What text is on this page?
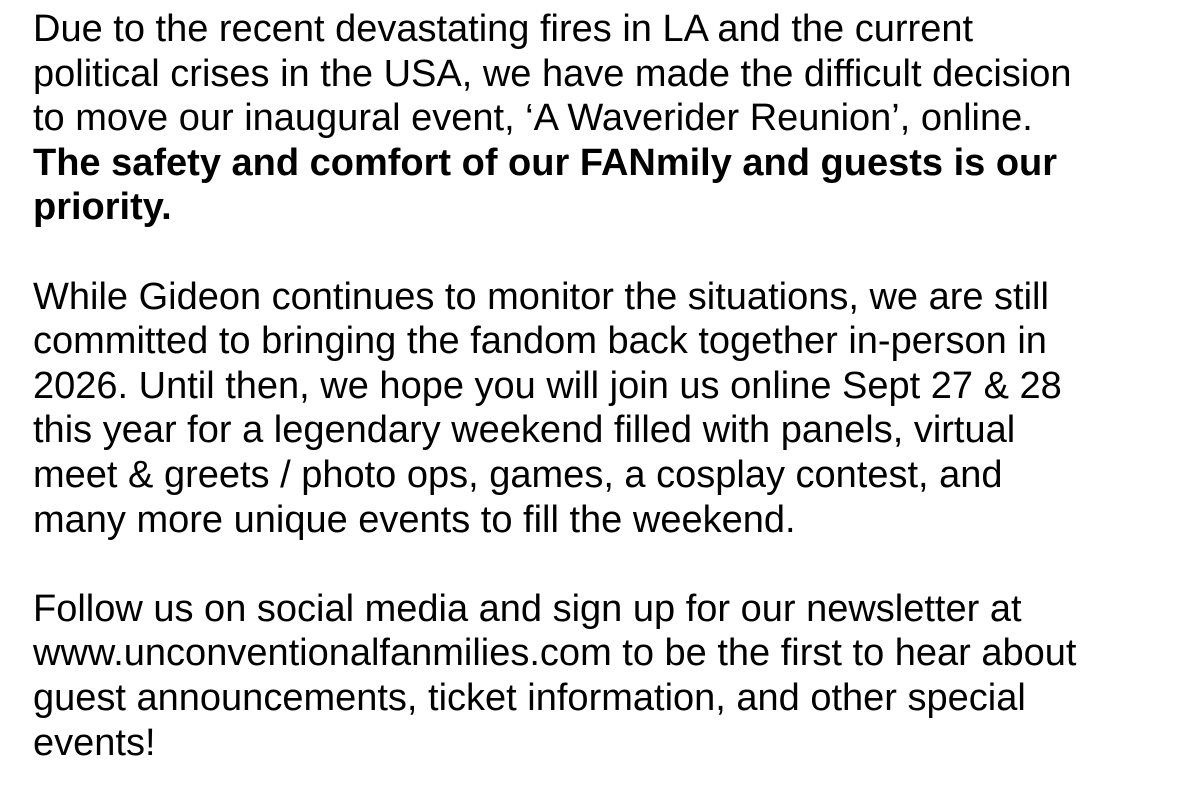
Due to the recent devastating fires in LA and the current
political crises in the USA, we have made the difficult decision
to move our inaugural event, ‘A Waverider Reunion’, online.
The safety and comfort of our FANmily and guests is our
priority.
While Gideon continues to monitor the situations, we are still
committed to bringing the fandom back together in-person in
2026. Until then, we hope you will join us online Sept 27 & 28
this year for a legendary weekend filled with panels, virtual
meet & greets / photo ops, games, a cosplay contest, and
many more unique events to fill the weekend.
Follow us on social media and sign up for our newsletter at
www.unconventionalfanmilies.com to be the first to hear about
guest announcements, ticket information, and other special
events!
